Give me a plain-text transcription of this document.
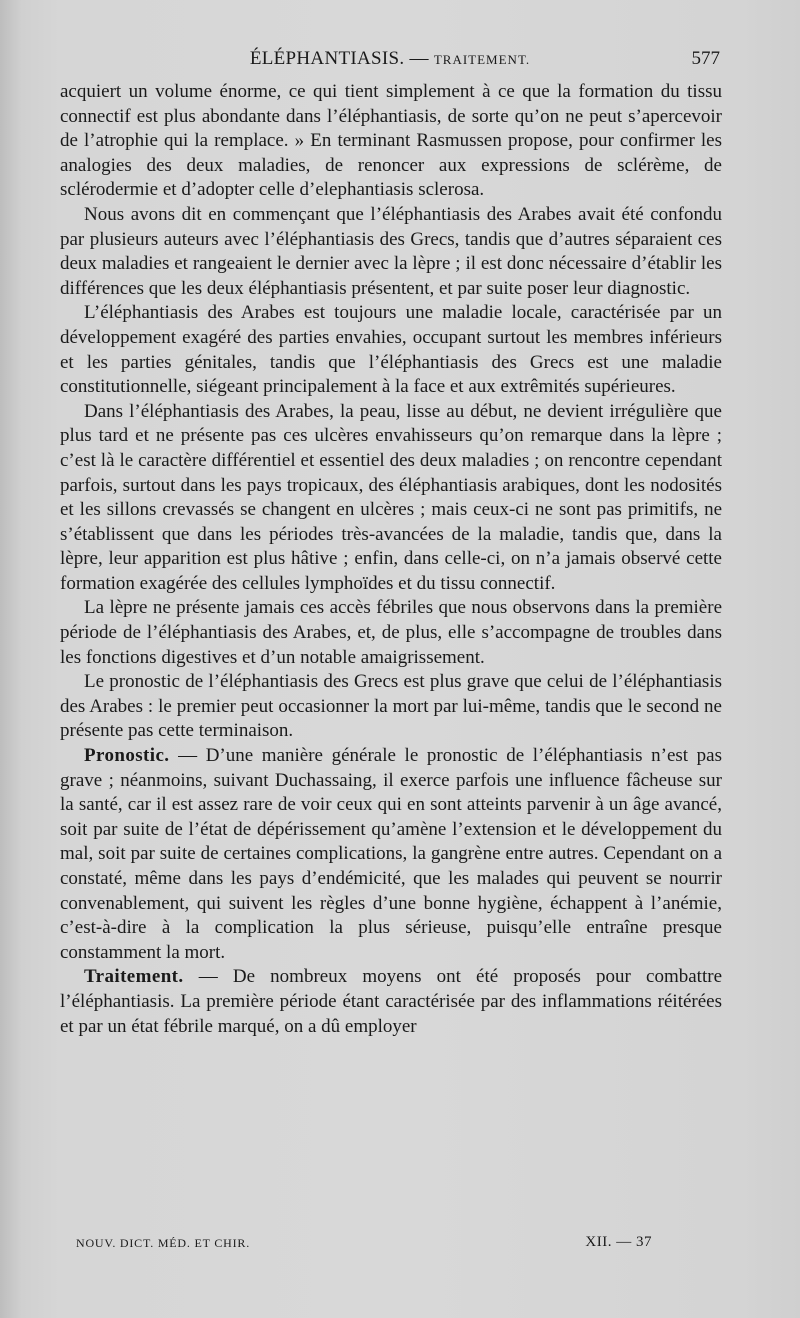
ÉLÉPHANTIASIS. — TRAITEMENT.	577

acquiert un volume énorme, ce qui tient simplement à ce que la formation du tissu connectif est plus abondante dans l’éléphantiasis, de sorte qu’on ne peut s’apercevoir de l’atrophie qui la remplace. » En terminant Rasmussen propose, pour confirmer les analogies des deux maladies, de renoncer aux expressions de sclérème, de sclérodermie et d’adopter celle d’elephantiasis sclerosa.

Nous avons dit en commençant que l’éléphantiasis des Arabes avait été confondu par plusieurs auteurs avec l’éléphantiasis des Grecs, tandis que d’autres séparaient ces deux maladies et rangeaient le dernier avec la lèpre ; il est donc nécessaire d’établir les différences que les deux éléphantiasis présentent, et par suite poser leur diagnostic.

L’éléphantiasis des Arabes est toujours une maladie locale, caractérisée par un développement exagéré des parties envahies, occupant surtout les membres inférieurs et les parties génitales, tandis que l’éléphantiasis des Grecs est une maladie constitutionnelle, siégeant principalement à la face et aux extrêmités supérieures.

Dans l’éléphantiasis des Arabes, la peau, lisse au début, ne devient irrégulière que plus tard et ne présente pas ces ulcères envahisseurs qu’on remarque dans la lèpre ; c’est là le caractère différentiel et essentiel des deux maladies ; on rencontre cependant parfois, surtout dans les pays tropicaux, des éléphantiasis arabiques, dont les nodosités et les sillons crevassés se changent en ulcères ; mais ceux-ci ne sont pas primitifs, ne s’établissent que dans les périodes très-avancées de la maladie, tandis que, dans la lèpre, leur apparition est plus hâtive ; enfin, dans celle-ci, on n’a jamais observé cette formation exagérée des cellules lymphoïdes et du tissu connectif.

La lèpre ne présente jamais ces accès fébriles que nous observons dans la première période de l’éléphantiasis des Arabes, et, de plus, elle s’accompagne de troubles dans les fonctions digestives et d’un notable amaigrissement.

Le pronostic de l’éléphantiasis des Grecs est plus grave que celui de l’éléphantiasis des Arabes : le premier peut occasionner la mort par lui-même, tandis que le second ne présente pas cette terminaison.

Pronostic. — D’une manière générale le pronostic de l’éléphantiasis n’est pas grave ; néanmoins, suivant Duchassaing, il exerce parfois une influence fâcheuse sur la santé, car il est assez rare de voir ceux qui en sont atteints parvenir à un âge avancé, soit par suite de l’état de dépérissement qu’amène l’extension et le développement du mal, soit par suite de certaines complications, la gangrène entre autres. Cependant on a constaté, même dans les pays d’endémicité, que les malades qui peuvent se nourrir convenablement, qui suivent les règles d’une bonne hygiène, échappent à l’anémie, c’est-à-dire à la complication la plus sérieuse, puisqu’elle entraîne presque constamment la mort.

Traitement. — De nombreux moyens ont été proposés pour combattre l’éléphantiasis. La première période étant caractérisée par des inflammations réitérées et par un état fébrile marqué, on a dû employer

NOUV. DICT. MÉD. ET CHIR.	XII. — 37
